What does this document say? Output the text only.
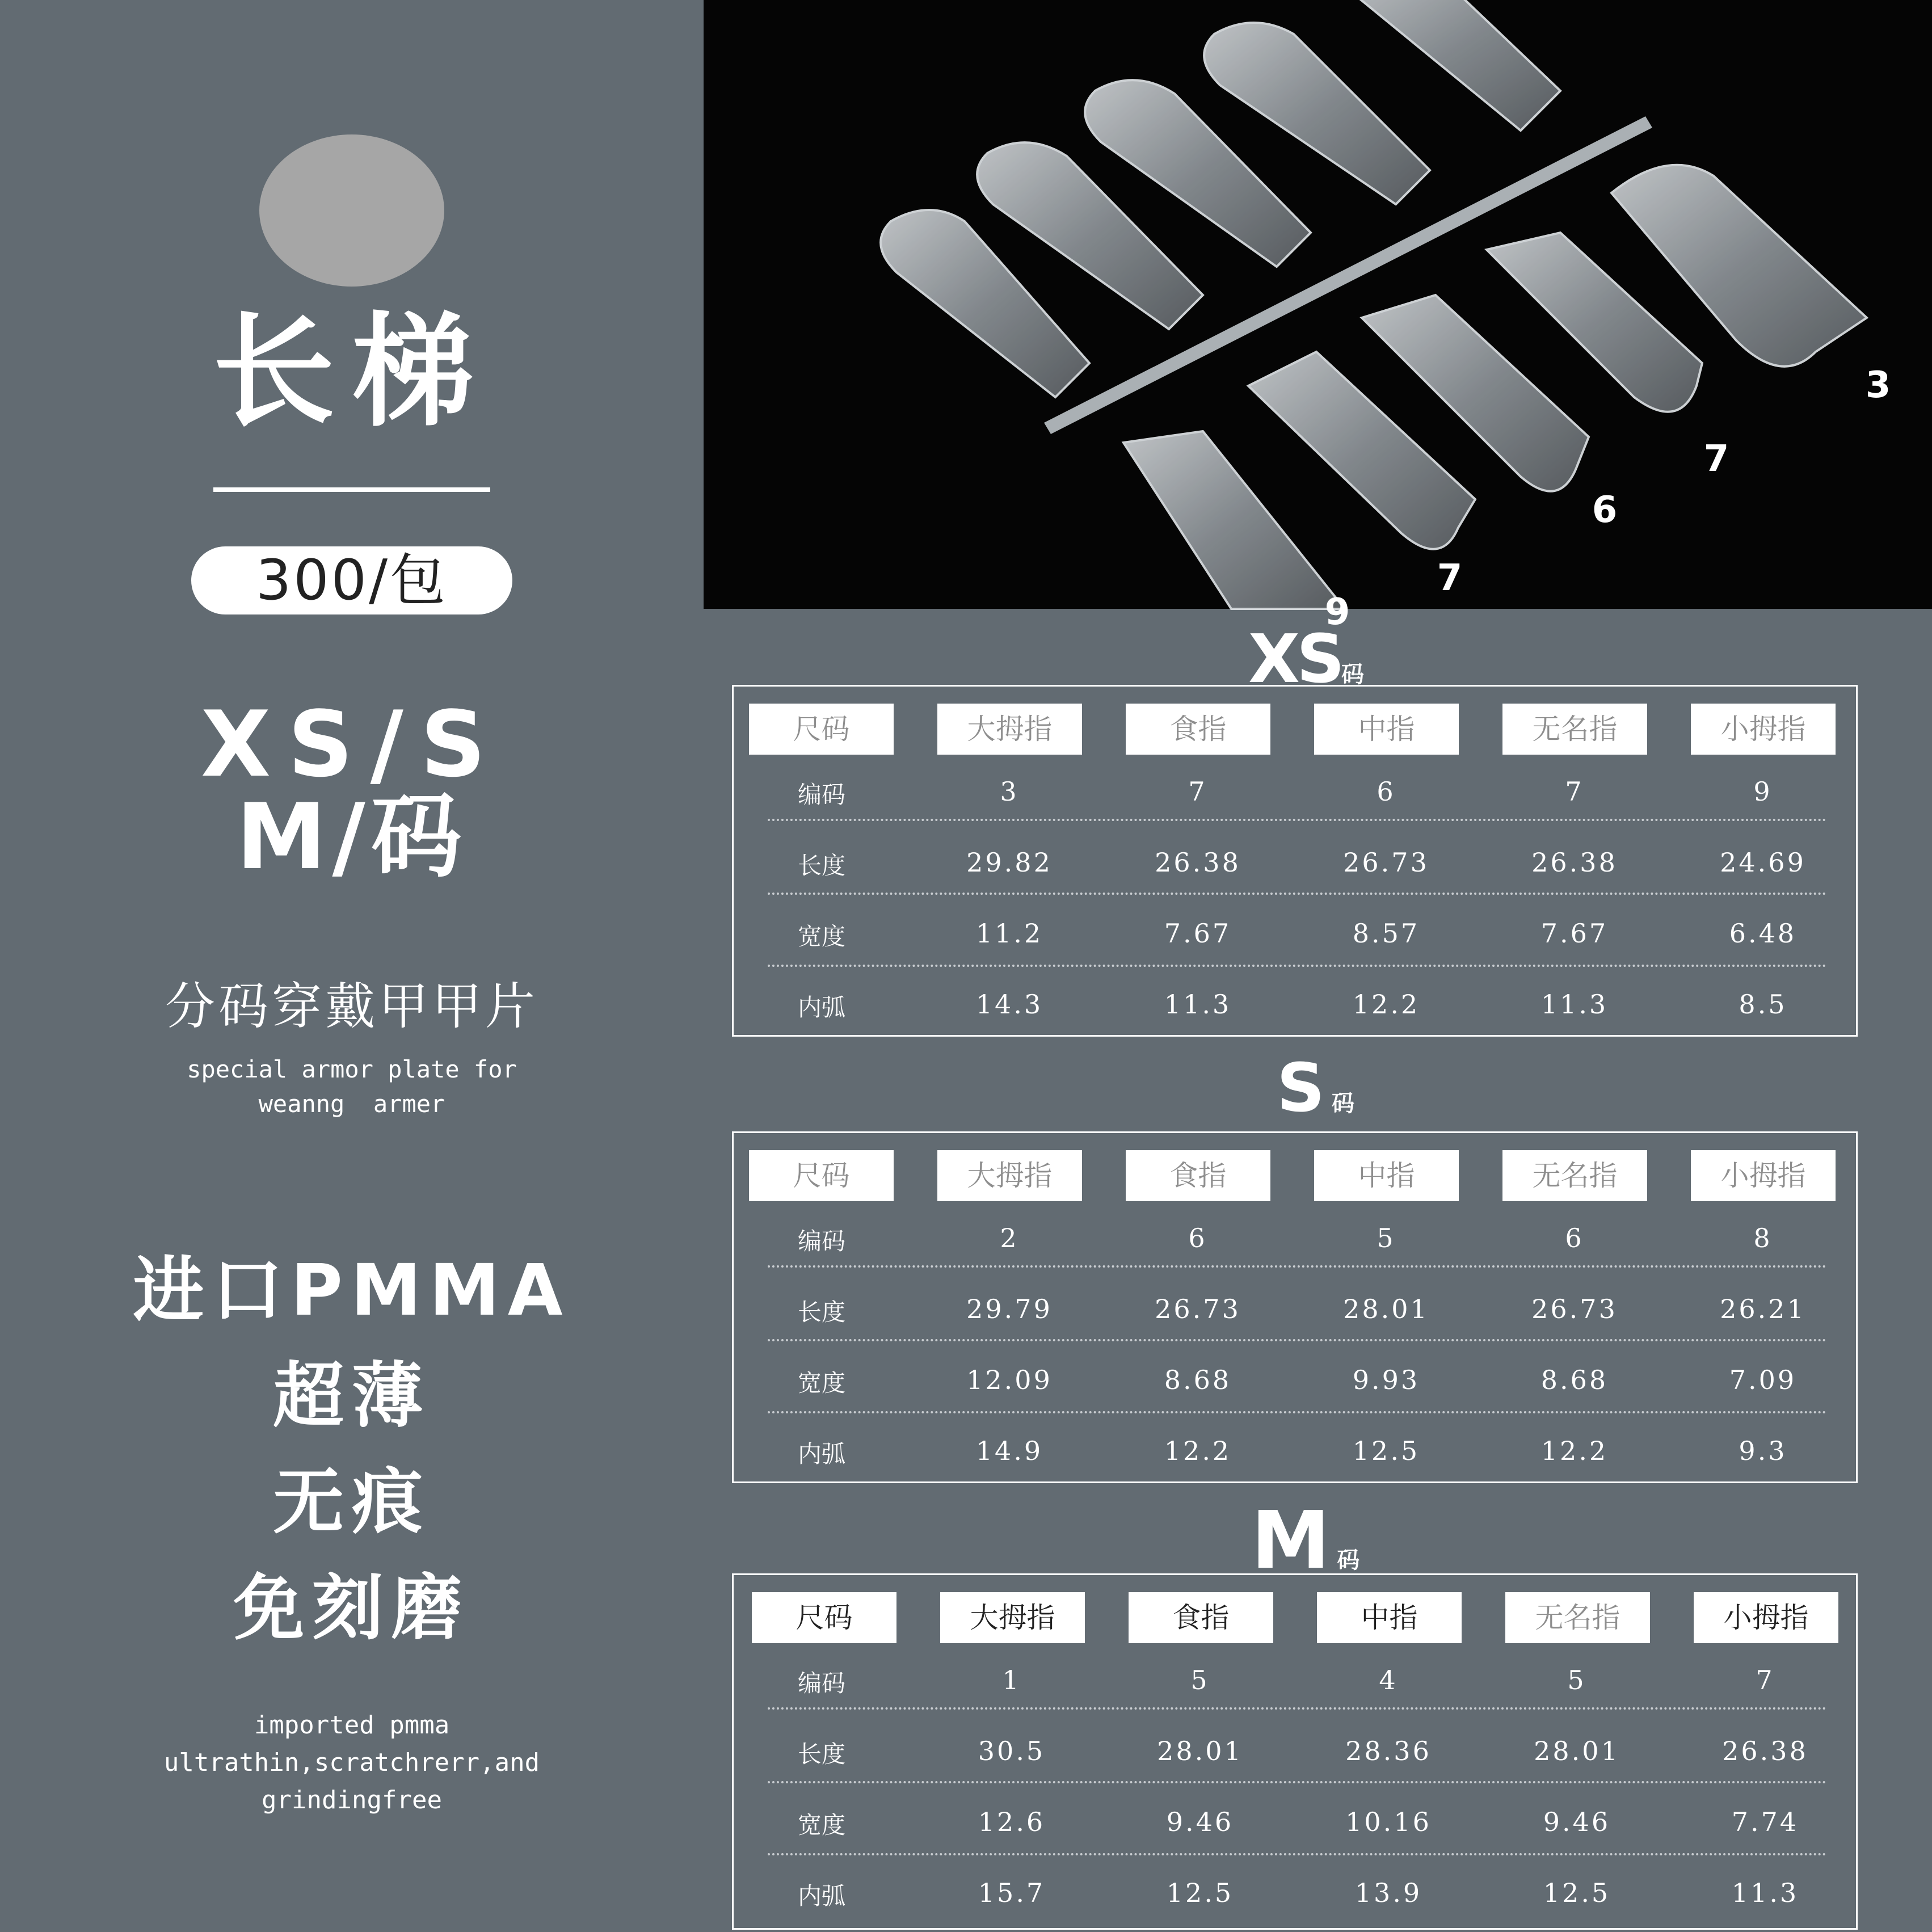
长梯
300/包
XS/S
M/码
分码穿戴甲甲片
special armor plate for
weanng  armer
进口PMMA
超薄
无痕
免刻磨
imported pmma
ultrathin,scratchrerr,and
grindingfree
3
7
6
7
9
XS码
S码
M码
尺码	大拇指	食指	中指	无名指	小拇指
编码	3	7	6	7	9
长度	29.82	26.38	26.73	26.38	24.69
宽度	11.2	7.67	8.57	7.67	6.48
内弧	14.3	11.3	12.2	11.3	8.5
尺码	大拇指	食指	中指	无名指	小拇指
编码	2	6	5	6	8
长度	29.79	26.73	28.01	26.73	26.21
宽度	12.09	8.68	9.93	8.68	7.09
内弧	14.9	12.2	12.5	12.2	9.3
尺码	大拇指	食指	中指	无名指	小拇指
编码	1	5	4	5	7
长度	30.5	28.01	28.36	28.01	26.38
宽度	12.6	9.46	10.16	9.46	7.74
内弧	15.7	12.5	13.9	12.5	11.3
